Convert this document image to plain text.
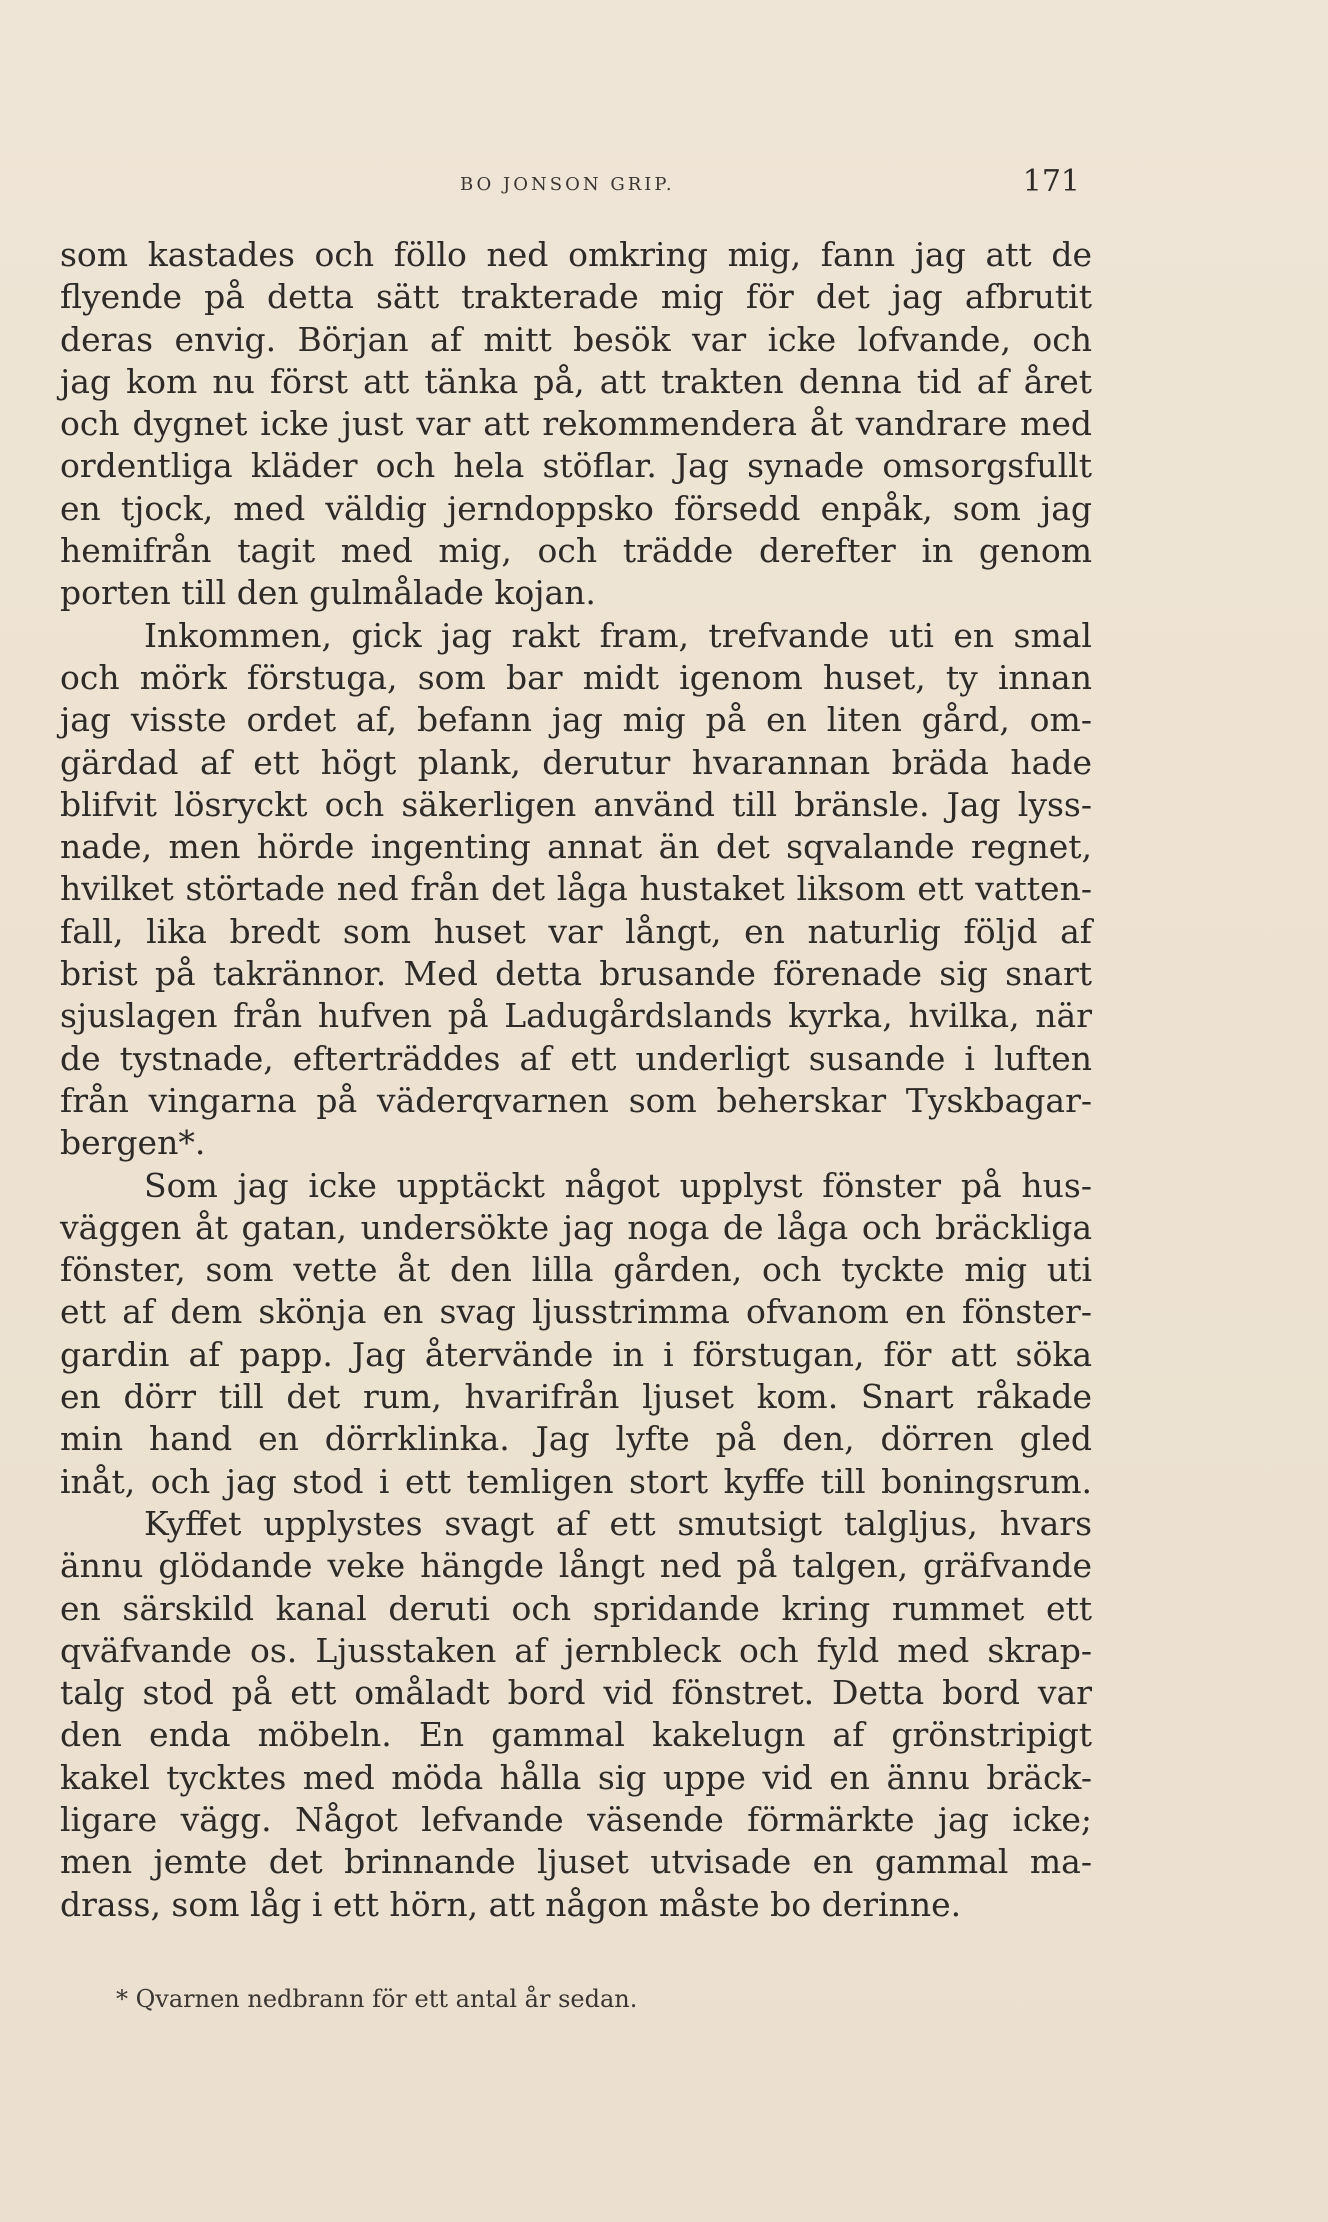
BO JONSON GRIP.	171
som kastades och föllo ned omkring mig, fann jag att de
flyende på detta sätt trakterade mig för det jag afbrutit
deras envig. Början af mitt besök var icke lofvande, och
jag kom nu först att tänka på, att trakten denna tid af året
och dygnet icke just var att rekommendera åt vandrare med
ordentliga kläder och hela stöflar. Jag synade omsorgsfullt
en tjock, med väldig jerndoppsko försedd enpåk, som jag
hemifrån tagit med mig, och trädde derefter in genom
porten till den gulmålade kojan.
Inkommen, gick jag rakt fram, trefvande uti en smal
och mörk förstuga, som bar midt igenom huset, ty innan
jag visste ordet af, befann jag mig på en liten gård, om-
gärdad af ett högt plank, derutur hvarannan bräda hade
blifvit lösryckt och säkerligen använd till bränsle. Jag lyss-
nade, men hörde ingenting annat än det sqvalande regnet,
hvilket störtade ned från det låga hustaket liksom ett vatten-
fall, lika bredt som huset var långt, en naturlig följd af
brist på takrännor. Med detta brusande förenade sig snart
sjuslagen från hufven på Ladugårdslands kyrka, hvilka, när
de tystnade, efterträddes af ett underligt susande i luften
från vingarna på väderqvarnen som beherskar Tyskbagar-
bergen*.
Som jag icke upptäckt något upplyst fönster på hus-
väggen åt gatan, undersökte jag noga de låga och bräckliga
fönster, som vette åt den lilla gården, och tyckte mig uti
ett af dem skönja en svag ljusstrimma ofvanom en fönster-
gardin af papp. Jag återvände in i förstugan, för att söka
en dörr till det rum, hvarifrån ljuset kom. Snart råkade
min hand en dörrklinka. Jag lyfte på den, dörren gled
inåt, och jag stod i ett temligen stort kyffe till boningsrum.
Kyffet upplystes svagt af ett smutsigt talgljus, hvars
ännu glödande veke hängde långt ned på talgen, gräfvande
en särskild kanal deruti och spridande kring rummet ett
qväfvande os. Ljusstaken af jernbleck och fyld med skrap-
talg stod på ett omåladt bord vid fönstret. Detta bord var
den enda möbeln. En gammal kakelugn af grönstripigt
kakel tycktes med möda hålla sig uppe vid en ännu bräck-
ligare vägg. Något lefvande väsende förmärkte jag icke;
men jemte det brinnande ljuset utvisade en gammal ma-
drass, som låg i ett hörn, att någon måste bo derinne.
* Qvarnen nedbrann för ett antal år sedan.
